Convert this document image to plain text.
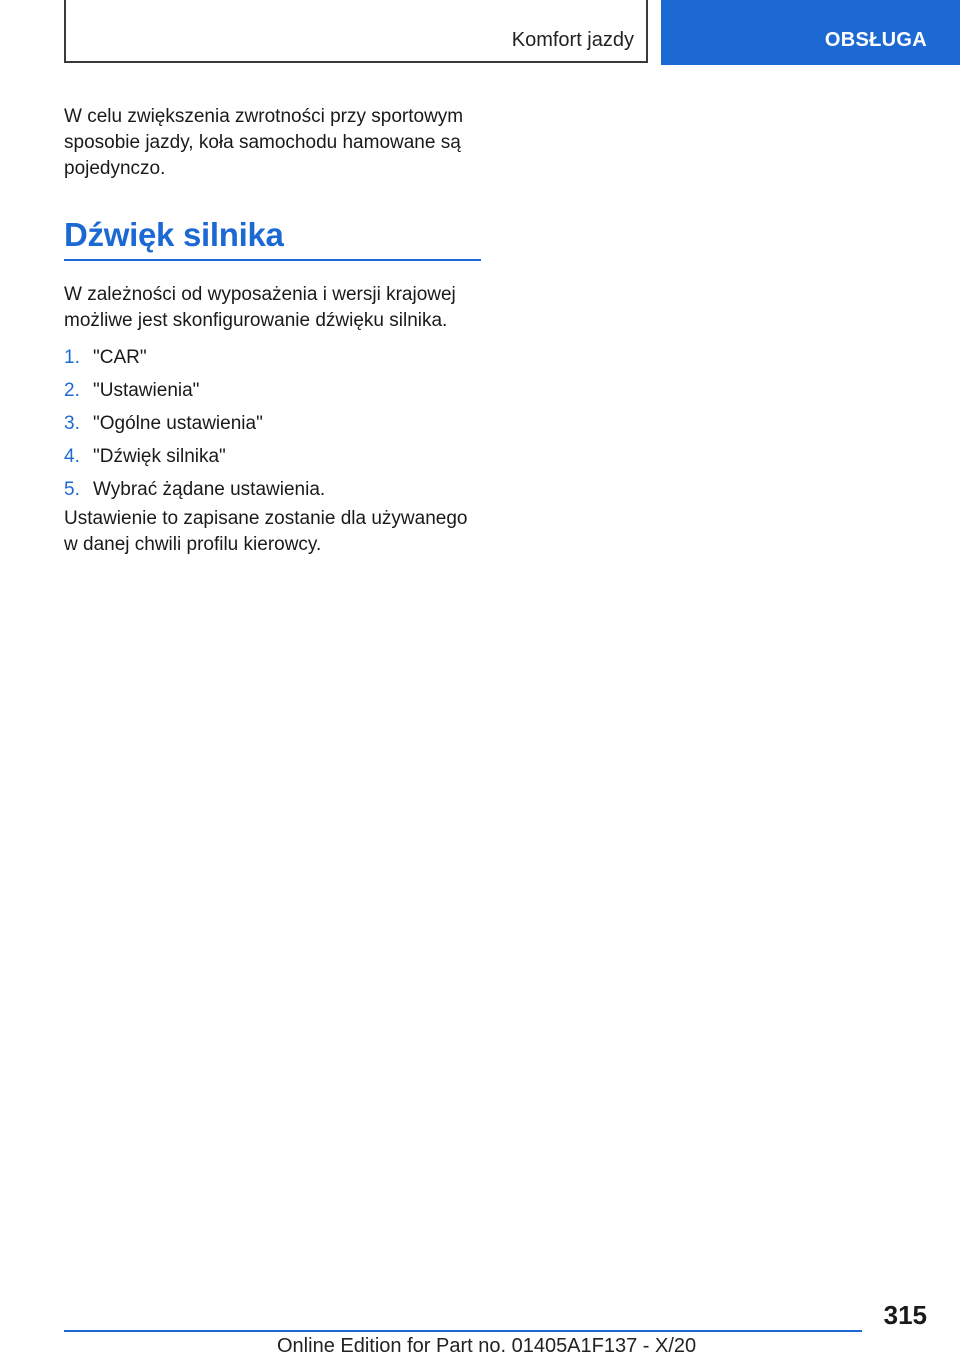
Komfort jazdy	OBSŁUGA

W celu zwiększenia zwrotności przy sportowym sposobie jazdy, koła samochodu hamowane są pojedynczo.

Dźwięk silnika

W zależności od wyposażenia i wersji krajowej możliwe jest skonfigurowanie dźwięku silnika.

1. "CAR"
2. "Ustawienia"
3. "Ogólne ustawienia"
4. "Dźwięk silnika"
5. Wybrać żądane ustawienia.

Ustawienie to zapisane zostanie dla używanego w danej chwili profilu kierowcy.

315
Online Edition for Part no. 01405A1F137 - X/20
